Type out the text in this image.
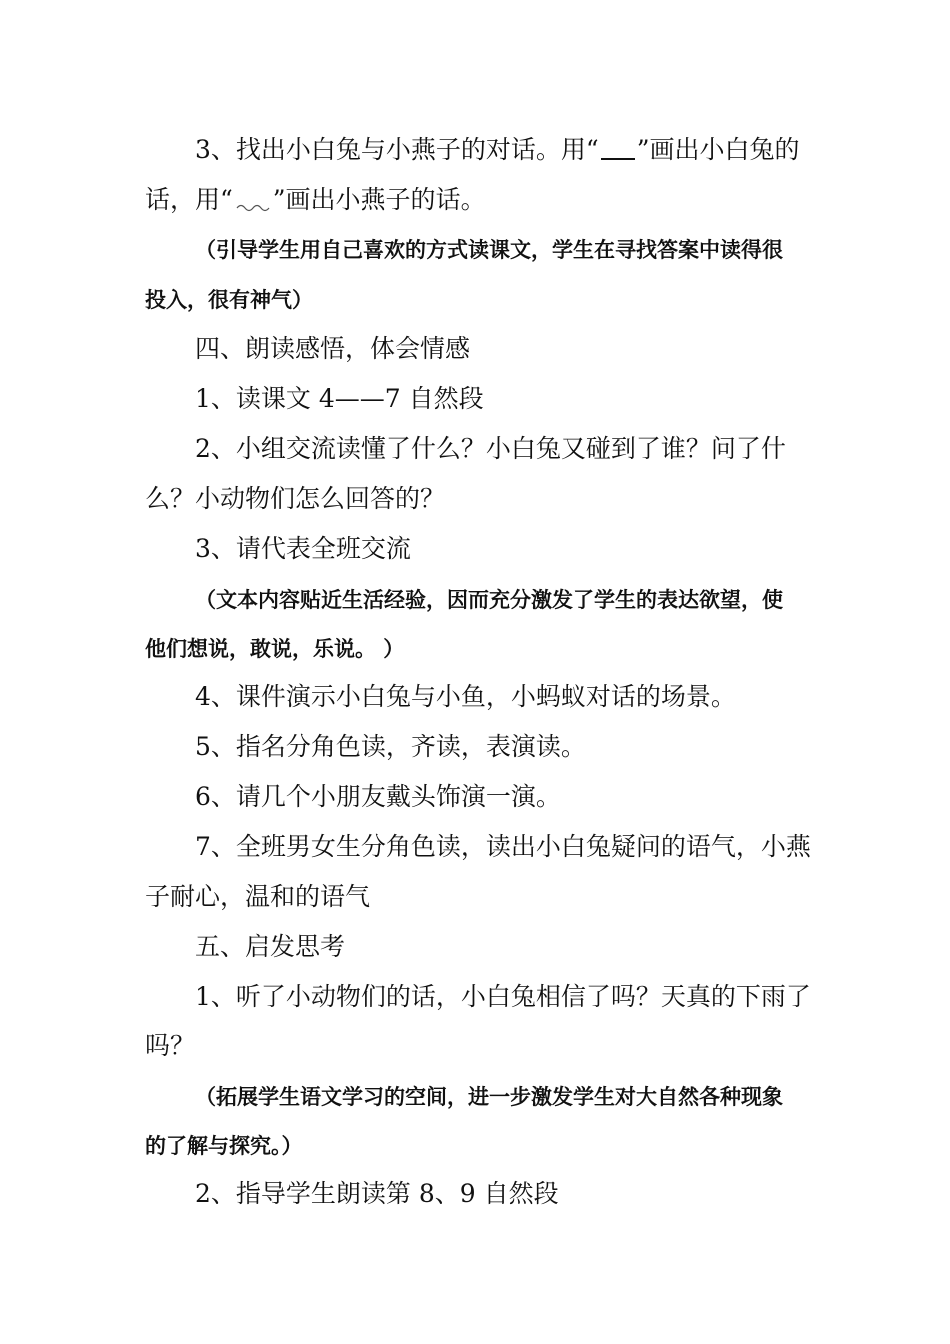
3、找出小白兔与小燕子的对话。用“ ”画出小白兔的

话，用“ ”画出小燕子的话。

（引导学生用自己喜欢的方式读课文，学生在寻找答案中读得很

投入，很有神气）

四、朗读感悟，体会情感

1、读课文 4——7 自然段

2、小组交流读懂了什么？小白兔又碰到了谁？问了什

么？小动物们怎么回答的？

3、请代表全班交流

（文本内容贴近生活经验，因而充分激发了学生的表达欲望，使

他们想说，敢说，乐说。 ）

4、课件演示小白兔与小鱼，小蚂蚁对话的场景。

5、指名分角色读，齐读，表演读。

6、请几个小朋友戴头饰演一演。

7、全班男女生分角色读，读出小白兔疑问的语气，小燕

子耐心，温和的语气

五、启发思考

1、听了小动物们的话，小白兔相信了吗？天真的下雨了

吗？

（拓展学生语文学习的空间，进一步激发学生对大自然各种现象

的了解与探究。）

2、指导学生朗读第 8、9 自然段
